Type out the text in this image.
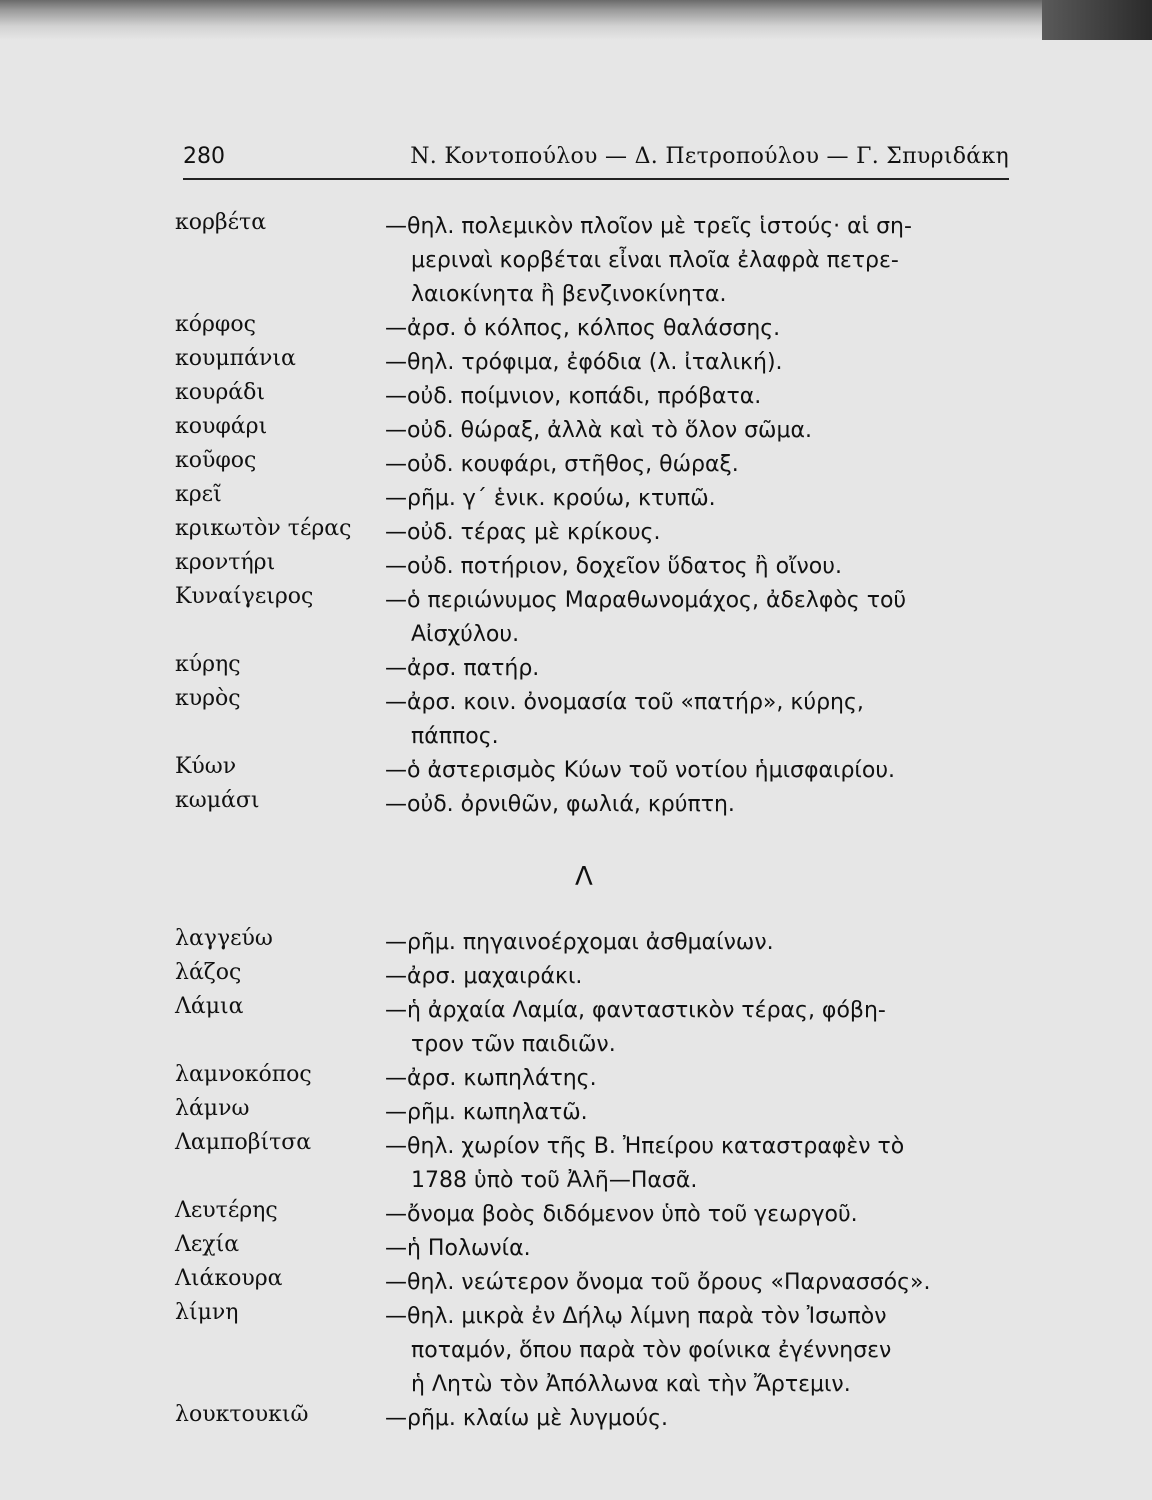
280	Ν. Κοντοπούλου — Δ. Πετροπούλου — Γ. Σπυριδάκη
κορβέτα	—θηλ. πολεμικὸν πλοῖον μὲ τρεῖς ἱστούς· αἱ ση-
μεριναὶ κορβέται εἶναι πλοῖα ἐλαφρὰ πετρε-
λαιοκίνητα ἢ βενζινοκίνητα.
κόρφος	—ἀρσ. ὁ κόλπος, κόλπος θαλάσσης.
κουμπάνια	—θηλ. τρόφιμα, ἐφόδια (λ. ἰταλική).
κουράδι	—οὐδ. ποίμνιον, κοπάδι, πρόβατα.
κουφάρι	—οὐδ. θώραξ, ἀλλὰ καὶ τὸ ὅλον σῶμα.
κοῦφος	—οὐδ. κουφάρι, στῆθος, θώραξ.
κρεῖ	—ρῆμ. γ΄ ἑνικ. κρούω, κτυπῶ.
κρικωτὸν τέρας —οὐδ. τέρας μὲ κρίκους.
κροντήρι	—οὐδ. ποτήριον, δοχεῖον ὕδατος ἢ οἴνου.
Κυναίγειρος	—ὁ περιώνυμος Μαραθωνομάχος, ἀδελφὸς τοῦ
Αἰσχύλου.
κύρης	—ἀρσ. πατήρ.
κυρὸς	—ἀρσ. κοιν. ὀνομασία τοῦ «πατήρ», κύρης,
πάππος.
Κύων	—ὁ ἀστερισμὸς Κύων τοῦ νοτίου ἡμισφαιρίου.
κωμάσι	—οὐδ. ὀρνιθῶν, φωλιά, κρύπτη.
λαγγεύω	—ρῆμ. πηγαινοέρχομαι ἀσθμαίνων.
λάζος	—ἀρσ. μαχαιράκι.
Λάμια	—ἡ ἀρχαία Λαμία, φανταστικὸν τέρας, φόβη-
τρον τῶν παιδιῶν.
λαμνοκόπος	—ἀρσ. κωπηλάτης.
λάμνω	—ρῆμ. κωπηλατῶ.
Λαμποβίτσα	—θηλ. χωρίον τῆς Β. Ἠπείρου καταστραφὲν τὸ
1788 ὑπὸ τοῦ Ἀλῆ—Πασᾶ.
Λευτέρης	—ὄνομα βοὸς διδόμενον ὑπὸ τοῦ γεωργοῦ.
Λεχία	—ἡ Πολωνία.
Λιάκουρα	—θηλ. νεώτερον ὄνομα τοῦ ὄρους «Παρνασσός».
λίμνη	—θηλ. μικρὰ ἐν Δήλῳ λίμνη παρὰ τὸν Ἰσωπὸν
ποταμόν, ὅπου παρὰ τὸν φοίνικα ἐγέννησεν
ἡ Λητὼ τὸν Ἀπόλλωνα καὶ τὴν Ἄρτεμιν.
λουκτουκιῶ	—ρῆμ. κλαίω μὲ λυγμούς.
Λ
